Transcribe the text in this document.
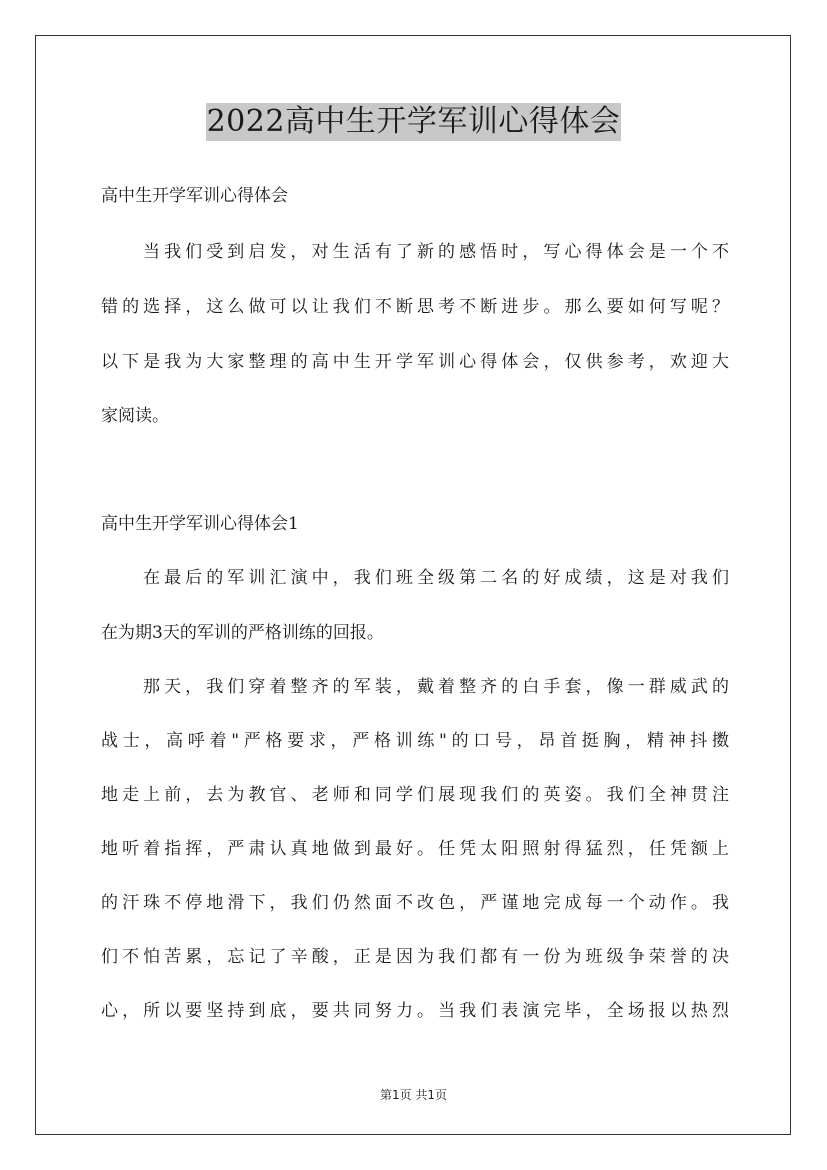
2022高中生开学军训心得体会
高中生开学军训心得体会
当我们受到启发，对生活有了新的感悟时，写心得体会是一个不
错的选择，这么做可以让我们不断思考不断进步。那么要如何写呢？
以下是我为大家整理的高中生开学军训心得体会，仅供参考，欢迎大
家阅读。
高中生开学军训心得体会1
在最后的军训汇演中，我们班全级第二名的好成绩，这是对我们
在为期3天的军训的严格训练的回报。
那天，我们穿着整齐的军装，戴着整齐的白手套，像一群威武的
战士，高呼着"严格要求，严格训练"的口号，昂首挺胸，精神抖擞
地走上前，去为教官、老师和同学们展现我们的英姿。我们全神贯注
地听着指挥，严肃认真地做到最好。任凭太阳照射得猛烈，任凭额上
的汗珠不停地滑下，我们仍然面不改色，严谨地完成每一个动作。我
们不怕苦累，忘记了辛酸，正是因为我们都有一份为班级争荣誉的决
心，所以要坚持到底，要共同努力。当我们表演完毕，全场报以热烈
第1页 共1页
